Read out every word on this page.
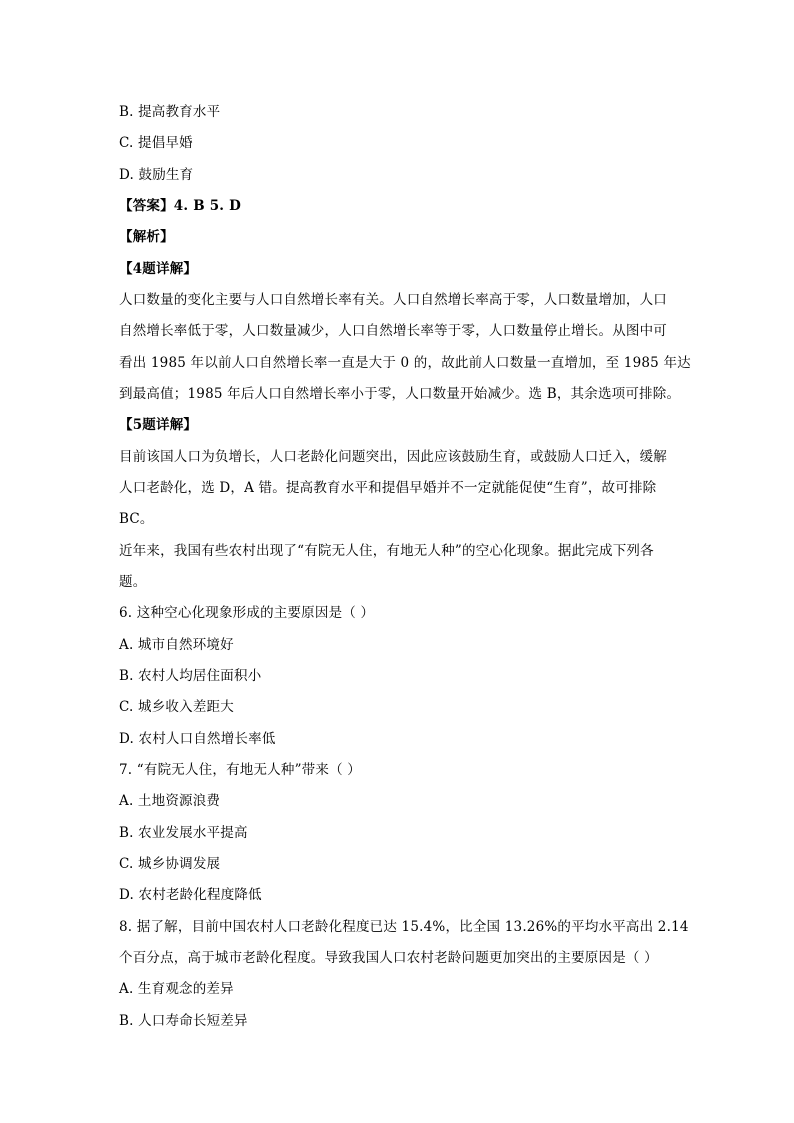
B. 提高教育水平
C. 提倡早婚
D. 鼓励生育
【答案】4. B 5. D
【解析】
【4题详解】
人口数量的变化主要与人口自然增长率有关。人口自然增长率高于零，人口数量增加，人口
自然增长率低于零，人口数量减少，人口自然增长率等于零，人口数量停止增长。从图中可
看出 1985 年以前人口自然增长率一直是大于 0 的，故此前人口数量一直增加，至 1985 年达
到最高值；1985 年后人口自然增长率小于零，人口数量开始减少。选 B，其余选项可排除。
【5题详解】
目前该国人口为负增长，人口老龄化问题突出，因此应该鼓励生育，或鼓励人口迁入，缓解
人口老龄化，选 D，A 错。提高教育水平和提倡早婚并不一定就能促使“生育”，故可排除
BC。
近年来，我国有些农村出现了“有院无人住，有地无人种”的空心化现象。据此完成下列各
题。
6. 这种空心化现象形成的主要原因是（ ）
A. 城市自然环境好
B. 农村人均居住面积小
C. 城乡收入差距大
D. 农村人口自然增长率低
7. “有院无人住，有地无人种”带来（ ）
A. 土地资源浪费
B. 农业发展水平提高
C. 城乡协调发展
D. 农村老龄化程度降低
8. 据了解，目前中国农村人口老龄化程度已达 15.4%，比全国 13.26%的平均水平高出 2.14
个百分点，高于城市老龄化程度。导致我国人口农村老龄问题更加突出的主要原因是（ ）
A. 生育观念的差异
B. 人口寿命长短差异
